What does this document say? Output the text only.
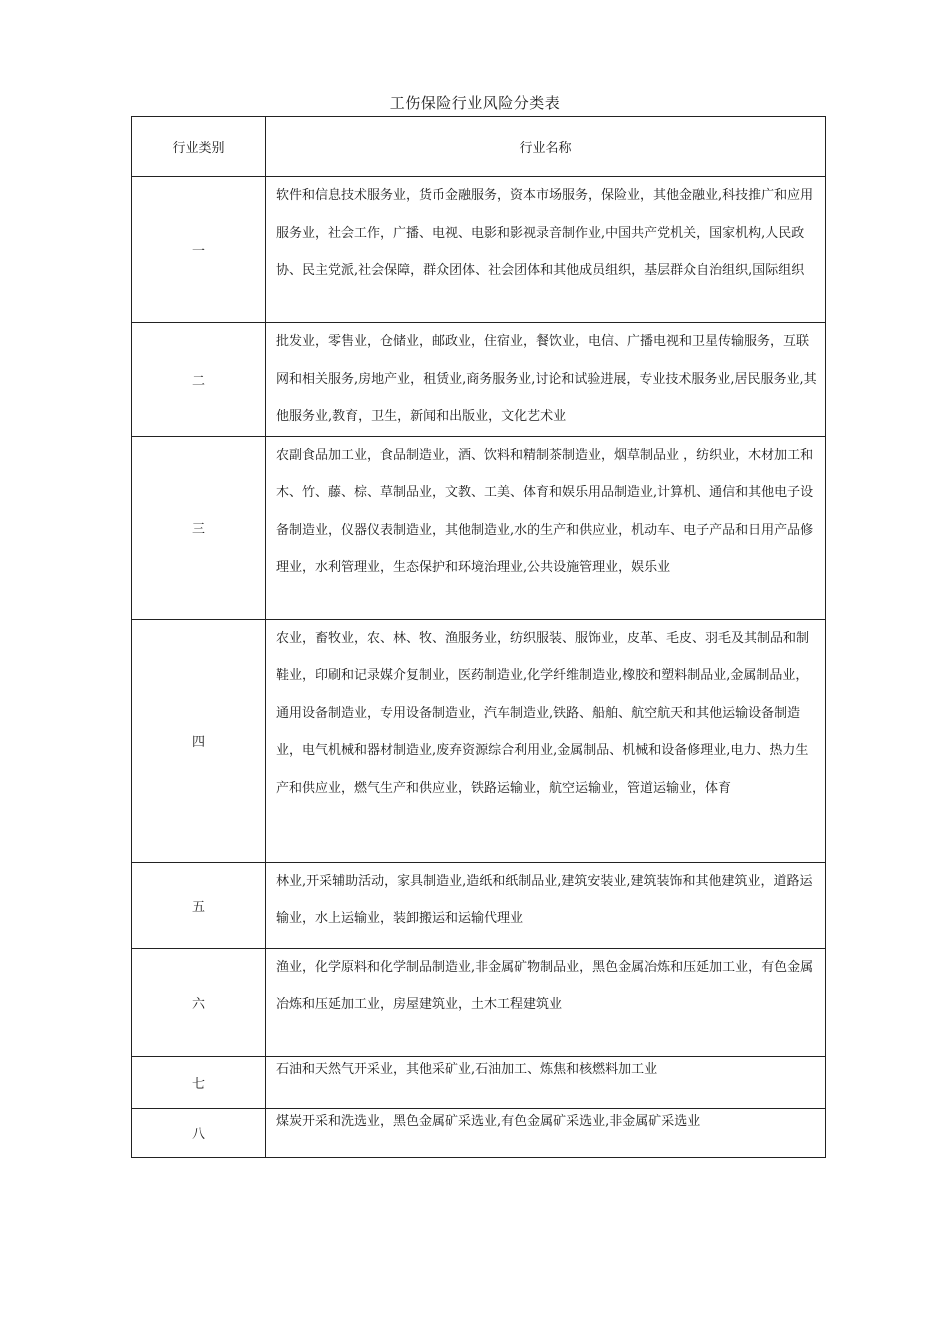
工伤保险行业风险分类表
行业类别	行业名称
一	软件和信息技术服务业，货币金融服务，资本市场服务，保险业，其他金融业,科技推广和应用服务业，社会工作，广播、电视、电影和影视录音制作业,中国共产党机关，国家机构,人民政协、民主党派,社会保障，群众团体、社会团体和其他成员组织，基层群众自治组织,国际组织
二	批发业，零售业，仓储业，邮政业，住宿业，餐饮业，电信、广播电视和卫星传输服务，互联网和相关服务,房地产业，租赁业,商务服务业,讨论和试验进展，专业技术服务业,居民服务业,其他服务业,教育，卫生，新闻和出版业，文化艺术业
三	农副食品加工业，食品制造业，酒、饮料和精制茶制造业，烟草制品业 ，纺织业，木材加工和木、竹、藤、棕、草制品业，文教、工美、体育和娱乐用品制造业,计算机、通信和其他电子设备制造业，仪器仪表制造业，其他制造业,水的生产和供应业，机动车、电子产品和日用产品修理业，水利管理业，生态保护和环境治理业,公共设施管理业，娱乐业
四	农业，畜牧业，农、林、牧、渔服务业，纺织服装、服饰业，皮革、毛皮、羽毛及其制品和制鞋业，印刷和记录媒介复制业，医药制造业,化学纤维制造业,橡胶和塑料制品业,金属制品业，通用设备制造业，专用设备制造业，汽车制造业,铁路、船舶、航空航天和其他运输设备制造业，电气机械和器材制造业,废弃资源综合利用业,金属制品、机械和设备修理业,电力、热力生产和供应业，燃气生产和供应业，铁路运输业，航空运输业，管道运输业，体育
五	林业,开采辅助活动，家具制造业,造纸和纸制品业,建筑安装业,建筑装饰和其他建筑业，道路运输业，水上运输业，装卸搬运和运输代理业
六	渔业，化学原料和化学制品制造业,非金属矿物制品业，黑色金属冶炼和压延加工业，有色金属冶炼和压延加工业，房屋建筑业，土木工程建筑业
七	石油和天然气开采业，其他采矿业,石油加工、炼焦和核燃料加工业
八	煤炭开采和洗选业，黑色金属矿采选业,有色金属矿采选业,非金属矿采选业
